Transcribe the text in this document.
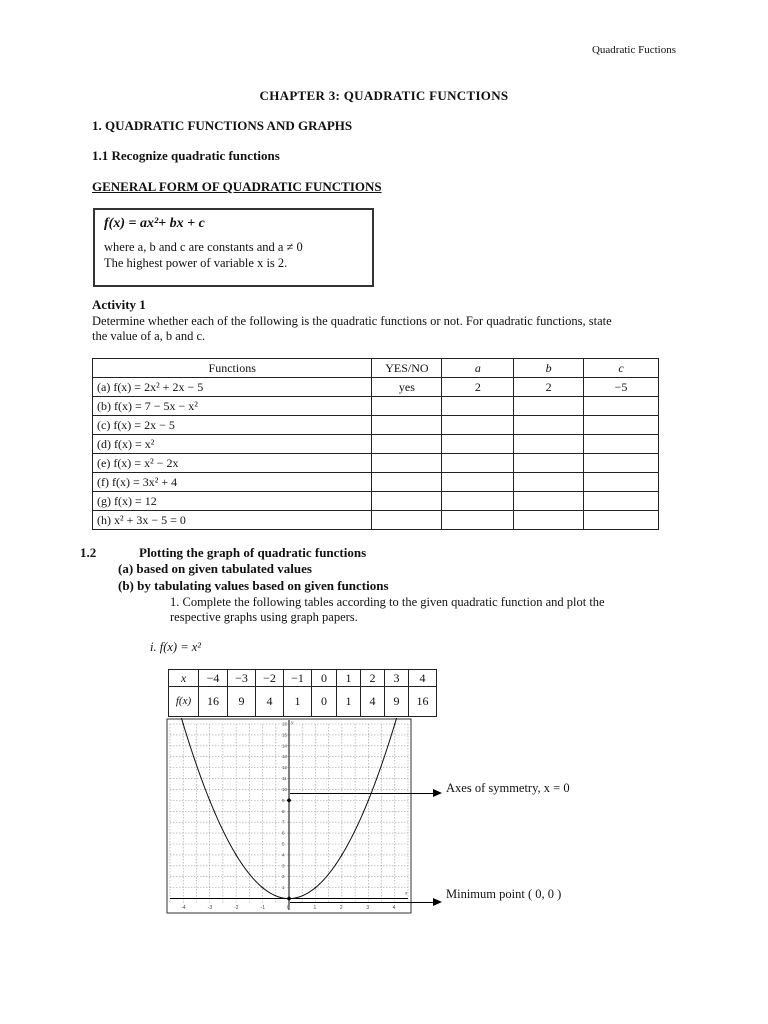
Quadratic Fuctions
CHAPTER 3: QUADRATIC FUNCTIONS
1. QUADRATIC FUNCTIONS AND GRAPHS
1.1 Recognize quadratic functions
GENERAL FORM OF QUADRATIC FUNCTIONS
f(x) = ax²+ bx + c
where a, b and c are constants and a ≠ 0
The highest power of variable x is 2.
Activity 1
Determine whether each of the following is the quadratic functions or not. For quadratic functions, state
the value of a, b and c.
Functions	YES/NO	a	b	c
(a) f(x) = 2x² + 2x − 5	yes	2	2	−5
(b) f(x) = 7 − 5x − x²				
(c) f(x) = 2x − 5				
(d) f(x) = x²				
(e) f(x) = x² − 2x				
(f) f(x) = 3x² + 4				
(g) f(x) = 12				
(h) x² + 3x − 5 = 0				
1.2	Plotting the graph of quadratic functions
(a) based on given tabulated values
(b) by tabulating values based on given functions
1. Complete the following tables according to the given quadratic function and plot the
respective graphs using graph papers.
i. f(x) = x²
x	−4	−3	−2	−1	0	1	2	3	4
f(x)	16	9	4	1	0	1	4	9	16
x
y
-4	-3	-2	-1	0	1	2	3	4
1
2
3
4
5
6
7
8
9
10
11
12
13
14
15
16
Axes of symmetry, x = 0
Minimum point ( 0, 0 )
